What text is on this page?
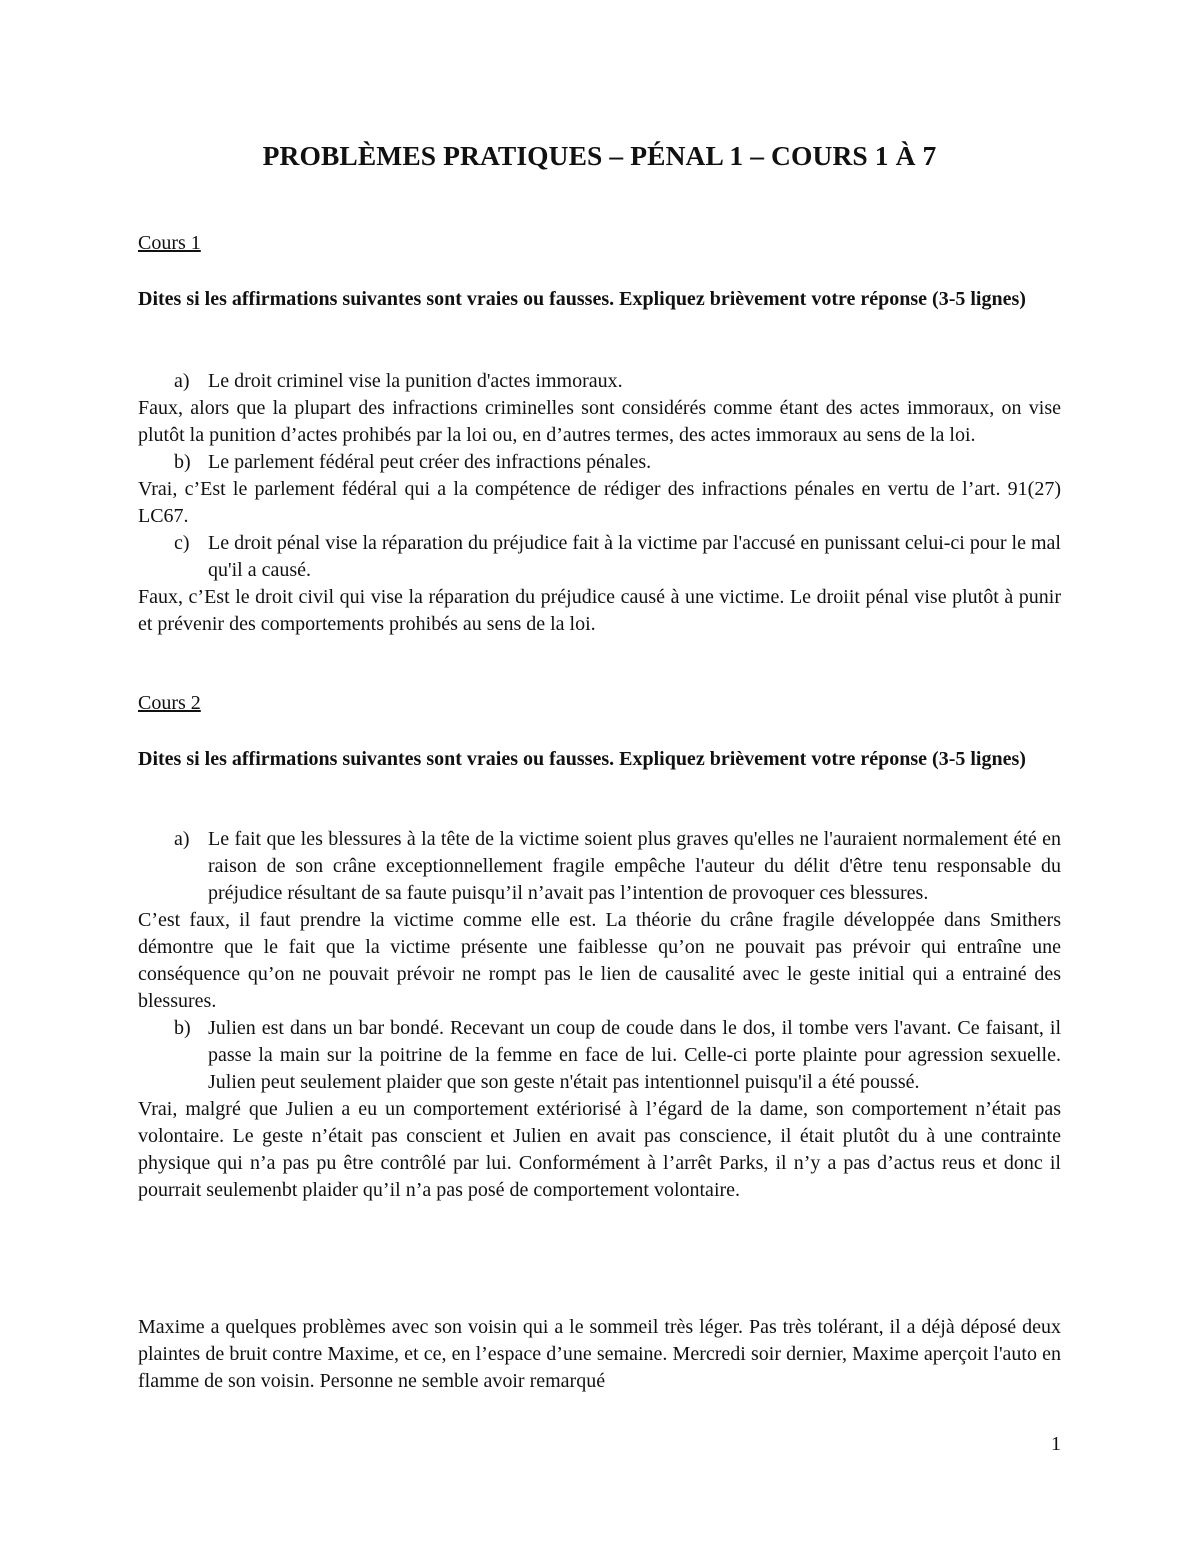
PROBLÈMES PRATIQUES – PÉNAL 1 – COURS 1 À 7
Cours 1
Dites si les affirmations suivantes sont vraies ou fausses. Expliquez brièvement votre réponse (3-5 lignes)
a) Le droit criminel vise la punition d'actes immoraux.
Faux, alors que la plupart des infractions criminelles sont considérés comme étant des actes immoraux, on vise plutôt la punition d’actes prohibés par la loi ou, en d’autres termes, des actes immoraux au sens de la loi.
b) Le parlement fédéral peut créer des infractions pénales.
Vrai, c’Est le parlement fédéral qui a la compétence de rédiger des infractions pénales en vertu de l’art. 91(27) LC67.
c) Le droit pénal vise la réparation du préjudice fait à la victime par l'accusé en punissant celui-ci pour le mal qu'il a causé.
Faux, c’Est le droit civil qui vise la réparation du préjudice causé à une victime. Le droiit pénal vise plutôt à punir et prévenir des comportements prohibés au sens de la loi.
Cours 2
Dites si les affirmations suivantes sont vraies ou fausses. Expliquez brièvement votre réponse (3-5 lignes)
a) Le fait que les blessures à la tête de la victime soient plus graves qu'elles ne l'auraient normalement été en raison de son crâne exceptionnellement fragile empêche l'auteur du délit d'être tenu responsable du préjudice résultant de sa faute puisqu’il n’avait pas l’intention de provoquer ces blessures.
C’est faux, il faut prendre la victime comme elle est. La théorie du crâne fragile développée dans Smithers démontre que le fait que la victime présente une faiblesse qu’on ne pouvait pas prévoir qui entraîne une conséquence qu’on ne pouvait prévoir ne rompt pas le lien de causalité avec le geste initial qui a entrainé des blessures.
b) Julien est dans un bar bondé. Recevant un coup de coude dans le dos, il tombe vers l'avant. Ce faisant, il passe la main sur la poitrine de la femme en face de lui. Celle-ci porte plainte pour agression sexuelle. Julien peut seulement plaider que son geste n'était pas intentionnel puisqu'il a été poussé.
Vrai, malgré que Julien a eu un comportement extériorisé à l’égard de la dame, son comportement n’était pas volontaire. Le geste n’était pas conscient et Julien en avait pas conscience, il était plutôt du à une contrainte physique qui n’a pas pu être contrôlé par lui. Conformément à l’arrêt Parks, il n’y a pas d’actus reus et donc il pourrait seulemenbt plaider qu’il n’a pas posé de comportement volontaire.
Maxime a quelques problèmes avec son voisin qui a le sommeil très léger. Pas très tolérant, il a déjà déposé deux plaintes de bruit contre Maxime, et ce, en l’espace d’une semaine. Mercredi soir dernier, Maxime aperçoit l'auto en flamme de son voisin. Personne ne semble avoir remarqué
1
